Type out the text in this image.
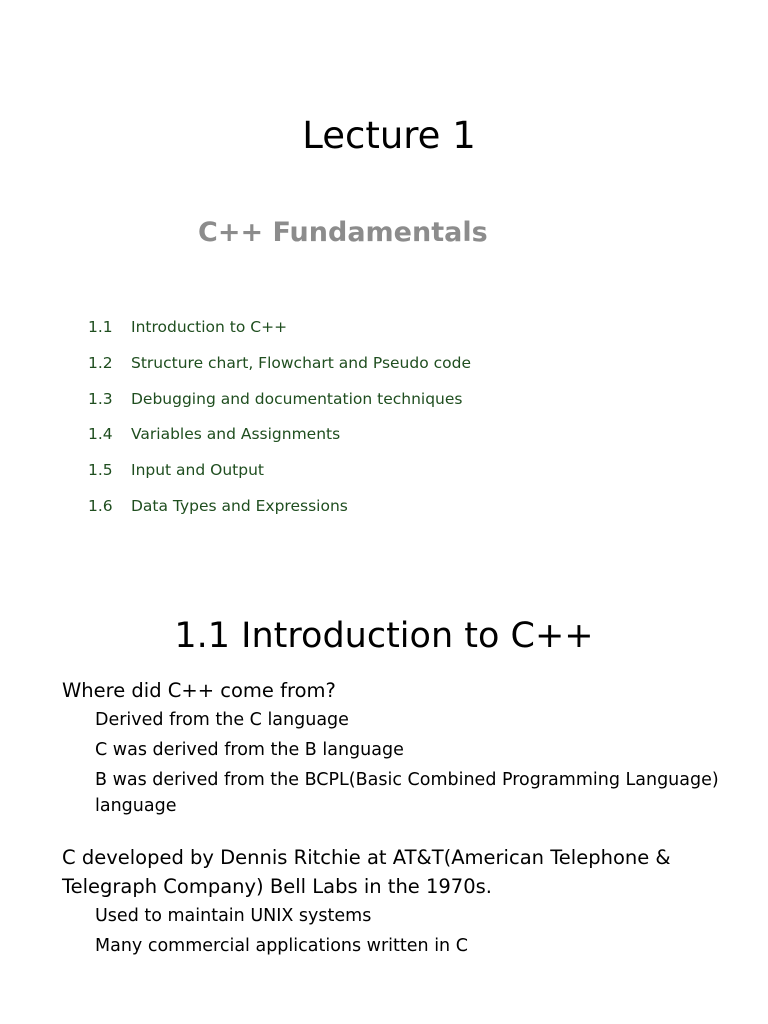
Lecture 1
C++ Fundamentals
1.1 Introduction to C++
1.2 Structure chart, Flowchart and Pseudo code
1.3 Debugging and documentation techniques
1.4 Variables and Assignments
1.5 Input and Output
1.6 Data Types and Expressions
1.1 Introduction to C++
Where did C++ come from?
Derived from the C language
C was derived from the B language
B was derived from the BCPL(Basic Combined Programming Language) language
C developed by Dennis Ritchie at AT&T(American Telephone & Telegraph Company) Bell Labs in the 1970s.
Used to maintain UNIX systems
Many commercial applications written in C
